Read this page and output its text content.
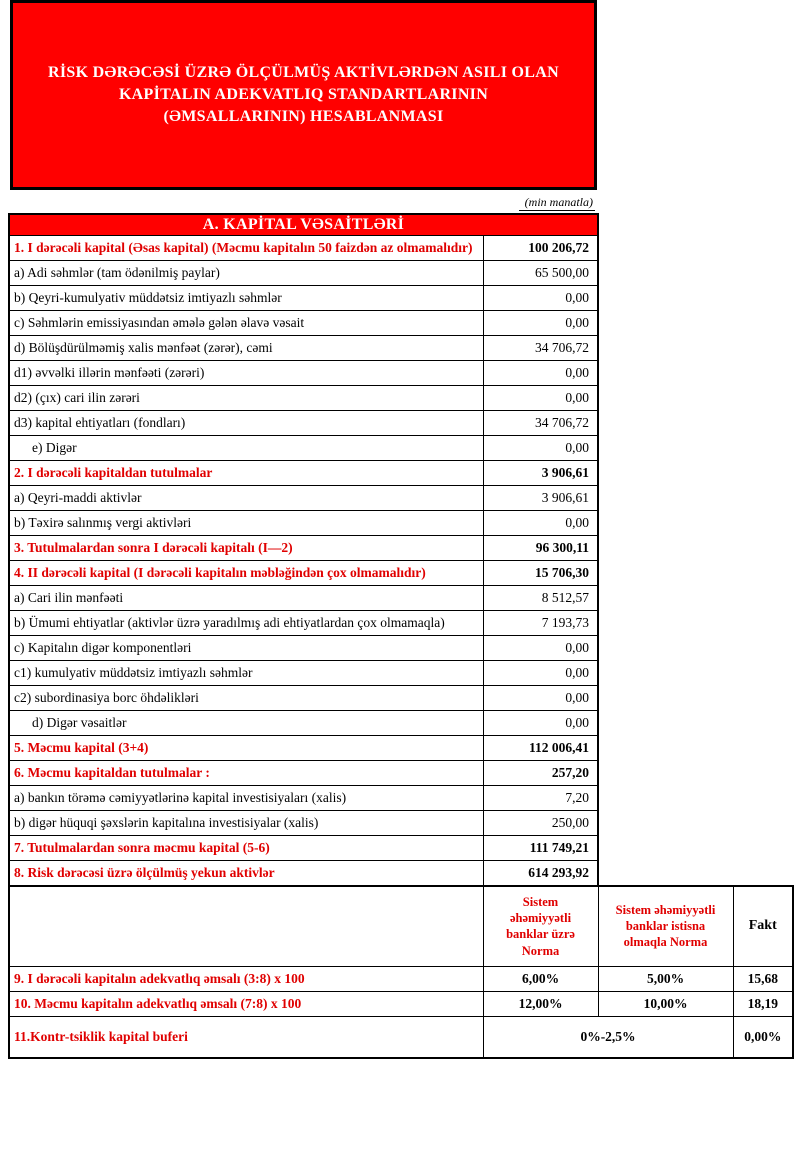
RİSK DƏRƏCƏSİ ÜZRƏ ÖLÇÜLMÜŞ AKTİVLƏRDƏN ASILI OLAN
KAPİTALIN ADEKVATLIQ STANDARTLARININ
(ƏMSALLARININ) HESABLANMASI
(min manatla)
A. KAPİTAL VƏSAİTLƏRİ	
1. I dərəcəli kapital (Əsas kapital) (Məcmu kapitalın 50 faizdən az olmamalıdır)	100 206,72
a) Adi səhmlər (tam ödənilmiş paylar)	65 500,00
b) Qeyri-kumulyativ müddətsiz imtiyazlı səhmlər	0,00
c) Səhmlərin emissiyasından əmələ gələn əlavə vəsait	0,00
d) Bölüşdürülməmiş xalis mənfəət (zərər), cəmi	34 706,72
d1) əvvəlki illərin mənfəəti (zərəri)	0,00
d2) (çıx) cari ilin zərəri	0,00
d3) kapital ehtiyatları (fondları)	34 706,72
e) Digər	0,00
2. I dərəcəli kapitaldan tutulmalar	3 906,61
a) Qeyri-maddi aktivlər	3 906,61
b) Təxirə salınmış vergi aktivləri	0,00
3. Tutulmalardan sonra I dərəcəli kapitalı (I—2)	96 300,11
4. II dərəcəli kapital (I dərəcəli kapitalın məbləğindən çox olmamalıdır)	15 706,30
a) Cari ilin mənfəəti	8 512,57
b) Ümumi ehtiyatlar (aktivlər üzrə yaradılmış adi ehtiyatlardan çox olmamaqla)	7 193,73
c) Kapitalın digər komponentləri	0,00
c1) kumulyativ müddətsiz imtiyazlı səhmlər	0,00
c2) subordinasiya borc öhdəlikləri	0,00
d) Digər vəsaitlər	0,00
5. Məcmu kapital (3+4)	112 006,41
6. Məcmu kapitaldan tutulmalar :	257,20
a) bankın törəmə cəmiyyətlərinə kapital investisiyaları (xalis)	7,20
b) digər hüquqi şəxslərin kapitalına investisiyalar (xalis)	250,00
7. Tutulmalardan sonra məcmu kapital (5-6)	111 749,21
8. Risk dərəcəsi üzrə ölçülmüş yekun aktivlər	614 293,92
	Sistem əhəmiyyətli banklar üzrə Norma	Sistem əhəmiyyətli banklar istisna olmaqla Norma	Fakt
9. I dərəcəli kapitalın adekvatlıq əmsalı (3:8) x 100	6,00%	5,00%	15,68
10. Məcmu kapitalın adekvatlıq əmsalı (7:8) x 100	12,00%	10,00%	18,19
11.Kontr-tsiklik kapital buferi	0%-2,5%		0,00%
